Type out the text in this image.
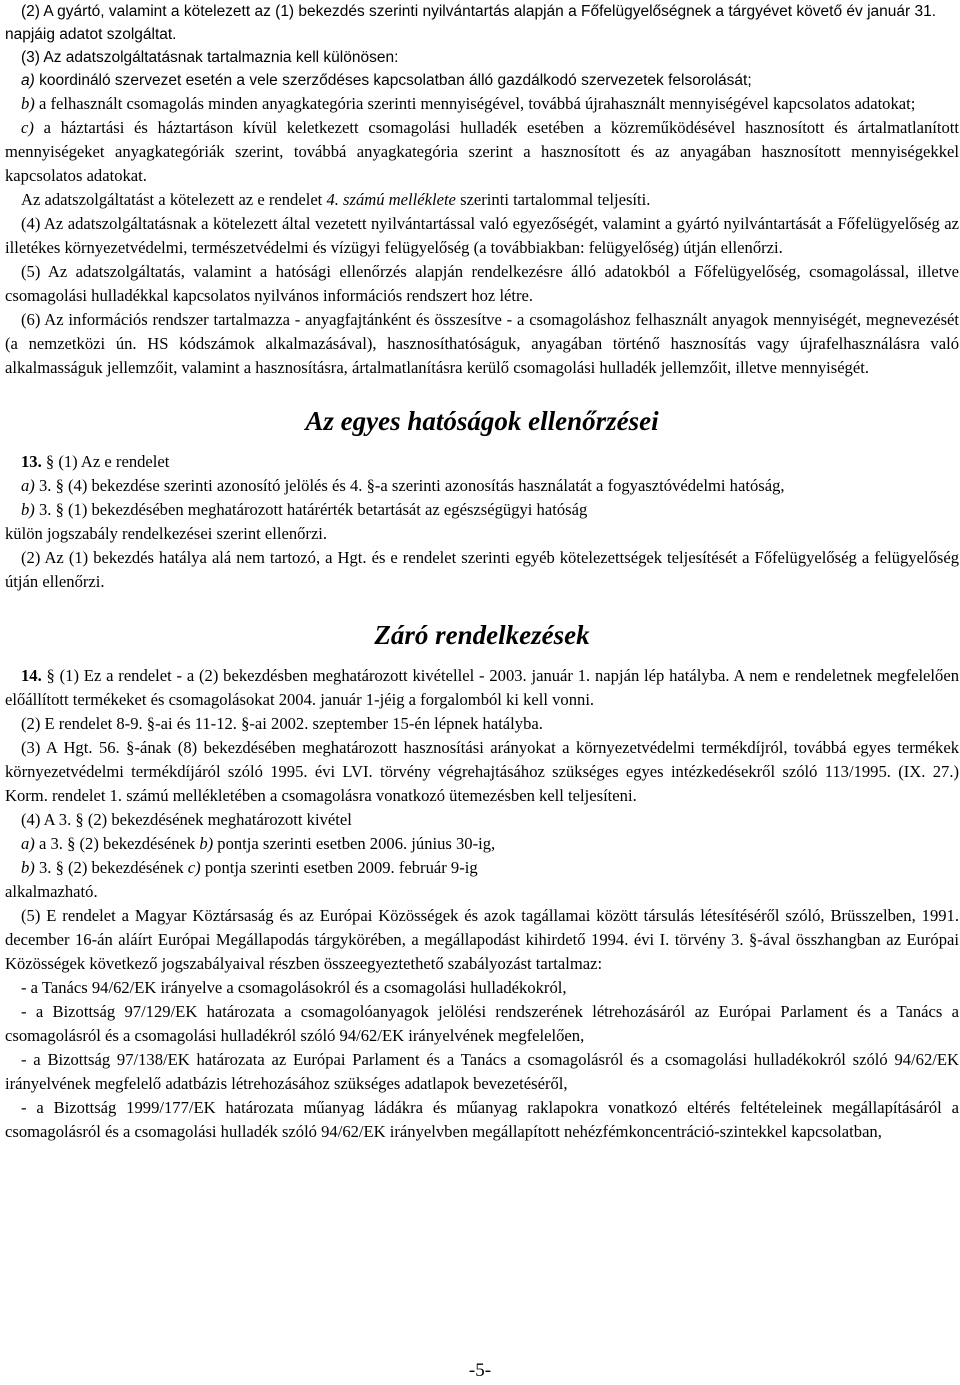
(2) A gyártó, valamint a kötelezett az (1) bekezdés szerinti nyilvántartás alapján a Főfelügyelőségnek a tárgyévet követő év január 31. napjáig adatot szolgáltat.

(3) Az adatszolgáltatásnak tartalmaznia kell különösen:

a) koordináló szervezet esetén a vele szerződéses kapcsolatban álló gazdálkodó szervezetek felsorolását;

b) a felhasznált csomagolás minden anyagkategória szerinti mennyiségével, továbbá újrahasznált mennyiségével kapcsolatos adatokat;

c) a háztartási és háztartáson kívül keletkezett csomagolási hulladék esetében a közreműködésével hasznosított és ártalmatlanított mennyiségeket anyagkategóriák szerint, továbbá anyagkategória szerint a hasznosított és az anyagában hasznosított mennyiségekkel kapcsolatos adatokat.

Az adatszolgáltatást a kötelezett az e rendelet 4. számú melléklete szerinti tartalommal teljesíti.

(4) Az adatszolgáltatásnak a kötelezett által vezetett nyilvántartással való egyezőségét, valamint a gyártó nyilvántartását a Főfelügyelőség az illetékes környezetvédelmi, természetvédelmi és vízügyi felügyelőség (a továbbiakban: felügyelőség) útján ellenőrzi.

(5) Az adatszolgáltatás, valamint a hatósági ellenőrzés alapján rendelkezésre álló adatokból a Főfelügyelőség, csomagolással, illetve csomagolási hulladékkal kapcsolatos nyilvános információs rendszert hoz létre.

(6) Az információs rendszer tartalmazza - anyagfajtánként és összesítve - a csomagoláshoz felhasznált anyagok mennyiségét, megnevezését (a nemzetközi ún. HS kódszámok alkalmazásával), hasznosíthatóságuk, anyagában történő hasznosítás vagy újrafelhasználásra való alkalmasságuk jellemzőit, valamint a hasznosításra, ártalmatlanításra kerülő csomagolási hulladék jellemzőit, illetve mennyiségét.

Az egyes hatóságok ellenőrzései

13. § (1) Az e rendelet

a) 3. § (4) bekezdése szerinti azonosító jelölés és 4. §-a szerinti azonosítás használatát a fogyasztóvédelmi hatóság,

b) 3. § (1) bekezdésében meghatározott határérték betartását az egészségügyi hatóság

külön jogszabály rendelkezései szerint ellenőrzi.

(2) Az (1) bekezdés hatálya alá nem tartozó, a Hgt. és e rendelet szerinti egyéb kötelezettségek teljesítését a Főfelügyelőség a felügyelőség útján ellenőrzi.

Záró rendelkezések

14. § (1) Ez a rendelet - a (2) bekezdésben meghatározott kivétellel - 2003. január 1. napján lép hatályba. A nem e rendeletnek megfelelően előállított termékeket és csomagolásokat 2004. január 1-jéig a forgalomból ki kell vonni.

(2) E rendelet 8-9. §-ai és 11-12. §-ai 2002. szeptember 15-én lépnek hatályba.

(3) A Hgt. 56. §-ának (8) bekezdésében meghatározott hasznosítási arányokat a környezetvédelmi termékdíjról, továbbá egyes termékek környezetvédelmi termékdíjáról szóló 1995. évi LVI. törvény végrehajtásához szükséges egyes intézkedésekről szóló 113/1995. (IX. 27.) Korm. rendelet 1. számú mellékletében a csomagolásra vonatkozó ütemezésben kell teljesíteni.

(4) A 3. § (2) bekezdésének meghatározott kivétel

a) a 3. § (2) bekezdésének b) pontja szerinti esetben 2006. június 30-ig,

b) 3. § (2) bekezdésének c) pontja szerinti esetben 2009. február 9-ig

alkalmazható.

(5) E rendelet a Magyar Köztársaság és az Európai Közösségek és azok tagállamai között társulás létesítéséről szóló, Brüsszelben, 1991. december 16-án aláírt Európai Megállapodás tárgykörében, a megállapodást kihirdető 1994. évi I. törvény 3. §-ával összhangban az Európai Közösségek következő jogszabályaival részben összeegyeztethető szabályozást tartalmaz:

- a Tanács 94/62/EK irányelve a csomagolásokról és a csomagolási hulladékokról,

- a Bizottság 97/129/EK határozata a csomagolóanyagok jelölési rendszerének létrehozásáról az Európai Parlament és a Tanács a csomagolásról és a csomagolási hulladékról szóló 94/62/EK irányelvének megfelelően,

- a Bizottság 97/138/EK határozata az Európai Parlament és a Tanács a csomagolásról és a csomagolási hulladékokról szóló 94/62/EK irányelvének megfelelő adatbázis létrehozásához szükséges adatlapok bevezetéséről,

- a Bizottság 1999/177/EK határozata műanyag ládákra és műanyag raklapokra vonatkozó eltérés feltételeinek megállapításáról a csomagolásról és a csomagolási hulladék szóló 94/62/EK irányelvben megállapított nehézfémkoncentráció-szintekkel kapcsolatban,

-5-
